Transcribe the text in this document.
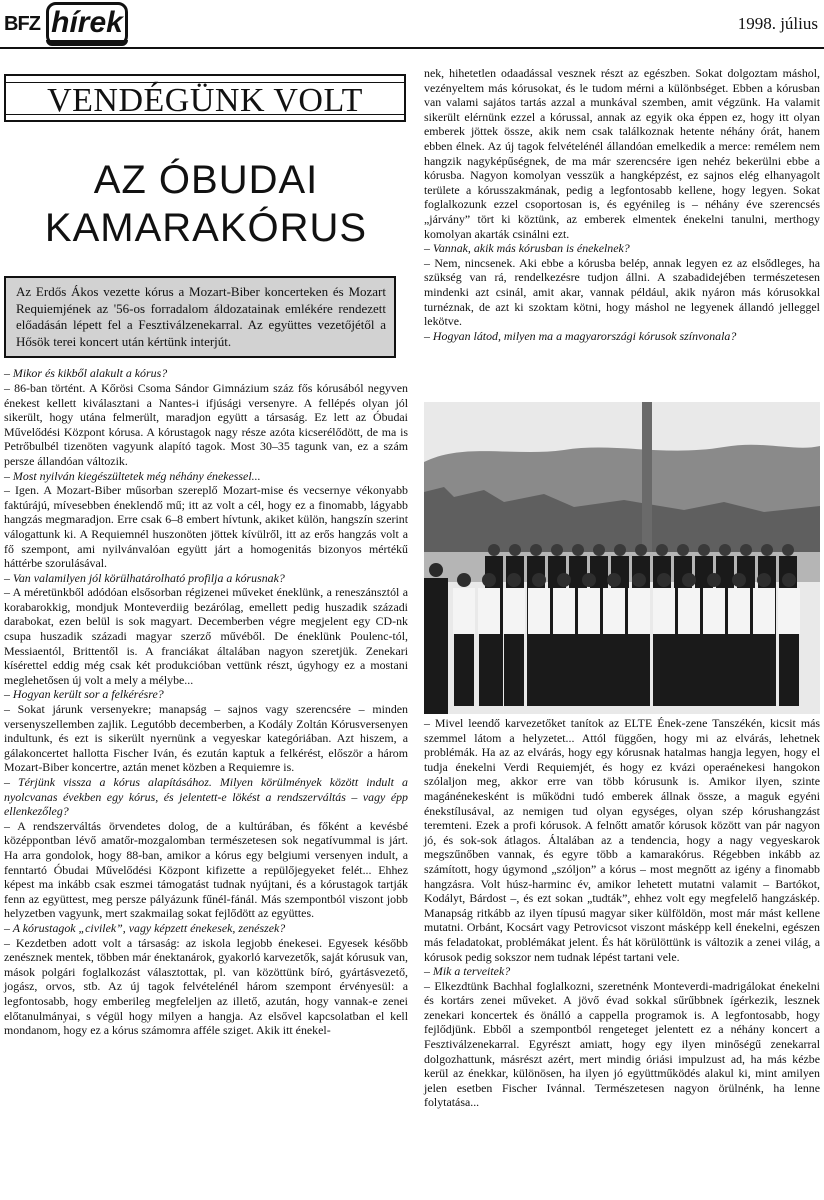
BFZ hírek	1998. július
VENDÉGÜNK VOLT
AZ ÓBUDAI
KAMARAKÓRUS
Az Erdős Ákos vezette kórus a Mozart-Biber koncerteken és Mozart Requiemjének az '56-os forradalom áldozatainak emlékére rendezett előadásán lépett fel a Fesztiválzenekarral. Az együttes vezetőjétől a Hősök terei koncert után kértünk interjút.

– Mikor és kikből alakult a kórus?

– 86-ban történt. A Kőrösi Csoma Sándor Gimnázium száz fős kórusából negyven énekest kellett kiválasztani a Nantes-i ifjúsági versenyre. A fellépés olyan jól sikerült, hogy utána felmerült, maradjon együtt a társaság. Ez lett az Óbudai Művelődési Központ kórusa. A kórustagok nagy része azóta kicserélődött, de ma is Petrőbulbél tizenöten vagyunk alapító tagok. Most 30–35 tagunk van, ez a szám persze állandóan változik.

– Most nyilván kiegészültetek még néhány énekessel...

– Igen. A Mozart-Biber műsorban szereplő Mozart-mise és vecsernye vékonyabb faktúrájú, mívesebben éneklendő mű; itt az volt a cél, hogy ez a finomabb, lágyabb hangzás megmaradjon. Erre csak 6–8 embert hívtunk, akiket külön, hangszín szerint válogattunk ki. A Requiemnél huszonöten jöttek kívülről, itt az erős hangzás volt a fő szempont, ami nyilvánvalóan együtt járt a homogenitás bizonyos mértékű háttérbe szorulásával.

– Van valamilyen jól körülhatárolható profilja a kórusnak?

– A méretünkből adódóan elsősorban régizenei műveket éneklünk, a reneszánsztól a korabarokkig, mondjuk Monteverdiig bezárólag, emellett pedig huszadik századi darabokat, ezen belül is sok magyart. Decemberben végre megjelent egy CD-nk csupa huszadik századi magyar szerző művéből. De éneklünk Poulenc-tól, Messiaentól, Brittentől is. A franciákat általában nagyon szeretjük. Zenekari kísérettel eddig még csak két produkcióban vettünk részt, úgyhogy ez a mostani meglehetősen új volt a mely a mélybe...

– Hogyan került sor a felkérésre?

– Sokat járunk versenyekre; manapság – sajnos vagy szerencsére – minden versenyszellemben zajlik. Legutóbb decemberben, a Kodály Zoltán Kórusversenyen indultunk, és ezt is sikerült nyernünk a vegyeskar kategóriában. Azt hiszem, a gálakoncertet hallotta Fischer Iván, és ezután kaptuk a felkérést, először a három Mozart-Biber koncertre, aztán menet közben a Requiemre is.

– Térjünk vissza a kórus alapításához. Milyen körülmények között indult a nyolcvanas években egy kórus, és jelentett-e lökést a rendszerváltás – vagy épp ellenkezőleg?

– A rendszerváltás örvendetes dolog, de a kultúrában, és főként a kevésbé középpontban lévő amatőr-mozgalomban természetesen sok negatívummal is járt. Ha arra gondolok, hogy 88-ban, amikor a kórus egy belgiumi versenyen indult, a fenntartó Óbudai Művelődési Központ kifizette a repülőjegyeket felét... Ehhez képest ma inkább csak eszmei támogatást tudnak nyújtani, és a kórustagok tartják fenn az együttest, meg persze pályázunk fűnél-fánál. Más szempontból viszont jobb helyzetben vagyunk, mert szakmailag sokat fejlődött az együttes.

– A kórustagok „civilek”, vagy képzett énekesek, zenészek?

– Kezdetben adott volt a társaság: az iskola legjobb énekesei. Egyesek később zenésznek mentek, többen már énektanárok, gyakorló karvezetők, saját kórusuk van, mások polgári foglalkozást választottak, pl. van közöttünk bíró, gyártásvezető, jogász, orvos, stb. Az új tagok felvételénél három szempont érvényesül: a legfontosabb, hogy emberileg megfeleljen az illető, azután, hogy vannak-e zenei előtanulmányai, s végül hogy milyen a hangja. Az elsővel kapcsolatban el kell mondanom, hogy ez a kórus számomra afféle sziget. Akik itt énekel-

nek, hihetetlen odaadással vesznek részt az egészben. Sokat dolgoztam máshol, vezényeltem más kórusokat, és le tudom mérni a különbséget. Ebben a kórusban van valami sajátos tartás azzal a munkával szemben, amit végzünk. Ha valamit sikerült elérnünk ezzel a kórussal, annak az egyik oka éppen ez, hogy itt olyan emberek jöttek össze, akik nem csak találkoznak hetente néhány órát, hanem ebben élnek. Az új tagok felvételénél állandóan emelkedik a merce: remélem nem hangzik nagyképűségnek, de ma már szerencsére igen nehéz bekerülni ebbe a kórusba. Nagyon komolyan vesszük a hangképzést, ez sajnos elég elhanyagolt területe a kórusszakmának, pedig a legfontosabb kellene, hogy legyen. Sokat foglalkozunk ezzel csoportosan is, és egyénileg is – néhány éve szerencsés „járvány” tört ki köztünk, az emberek elmentek énekelni tanulni, merthogy komolyan akarták csinálni ezt.

– Vannak, akik más kórusban is énekelnek?

– Nem, nincsenek. Aki ebbe a kórusba belép, annak legyen ez az elsődleges, ha szükség van rá, rendelkezésre tudjon állni. A szabadidejében természetesen mindenki azt csinál, amit akar, vannak például, akik nyáron más kórusokkal turnéznak, de azt ki szoktam kötni, hogy máshol ne legyenek állandó jelleggel lekötve.

– Hogyan látod, milyen ma a magyarországi kórusok színvonala?

– Mivel leendő karvezetőket tanítok az ELTE Ének-zene Tanszékén, kicsit más szemmel látom a helyzetet... Attól függően, hogy mi az elvárás, lehetnek problémák. Ha az az elvárás, hogy egy kórusnak hatalmas hangja legyen, hogy el tudja énekelni Verdi Requiemjét, és hogy ez kvázi operaénekesi hangokon szólaljon meg, akkor erre van több kórusunk is. Amikor ilyen, szinte magánénekesként is működni tudó emberek állnak össze, a maguk egyéni énekstílusával, az nemigen tud olyan egységes, olyan szép kórushangzást teremteni. Ezek a profi kórusok. A felnőtt amatőr kórusok között van pár nagyon jó, és sok-sok átlagos. Általában az a tendencia, hogy a nagy vegyeskarok megszűnőben vannak, és egyre több a kamarakórus. Régebben inkább az számított, hogy úgymond „szóljon” a kórus – most megnőtt az igény a finomabb hangzásra. Volt húsz-harminc év, amikor lehetett mutatni valamit – Bartókot, Kodályt, Bárdost –, és ezt sokan „tudták”, ehhez volt egy megfelelő hangzáskép. Manapság ritkább az ilyen típusú magyar siker külföldön, most már mást kellene mutatni. Orbánt, Kocsárt vagy Petrovicsot viszont másképp kell énekelni, egészen más feladatokat, problémákat jelent. És hát körülöttünk is változik a zenei világ, a kórusok pedig sokszor nem tudnak lépést tartani vele.

– Mik a terveitek?

– Elkezdtünk Bachhal foglalkozni, szeretnénk Monteverdi-madrigálokat énekelni és kortárs zenei műveket. A jövő évad sokkal sűrűbbnek ígérkezik, lesznek zenekari koncertek és önálló a cappella programok is. A legfontosabb, hogy fejlődjünk. Ebből a szempontból rengeteget jelentett ez a néhány koncert a Fesztiválzenekarral. Egyrészt amiatt, hogy egy ilyen minőségű zenekarral dolgozhattunk, másrészt azért, mert mindig óriási impulzust ad, ha más kézbe kerül az énekkar, különösen, ha ilyen jó együttműködés alakul ki, mint amilyen jelen esetben Fischer Ivánnal. Természetesen nagyon örülnénk, ha lenne folytatása...
